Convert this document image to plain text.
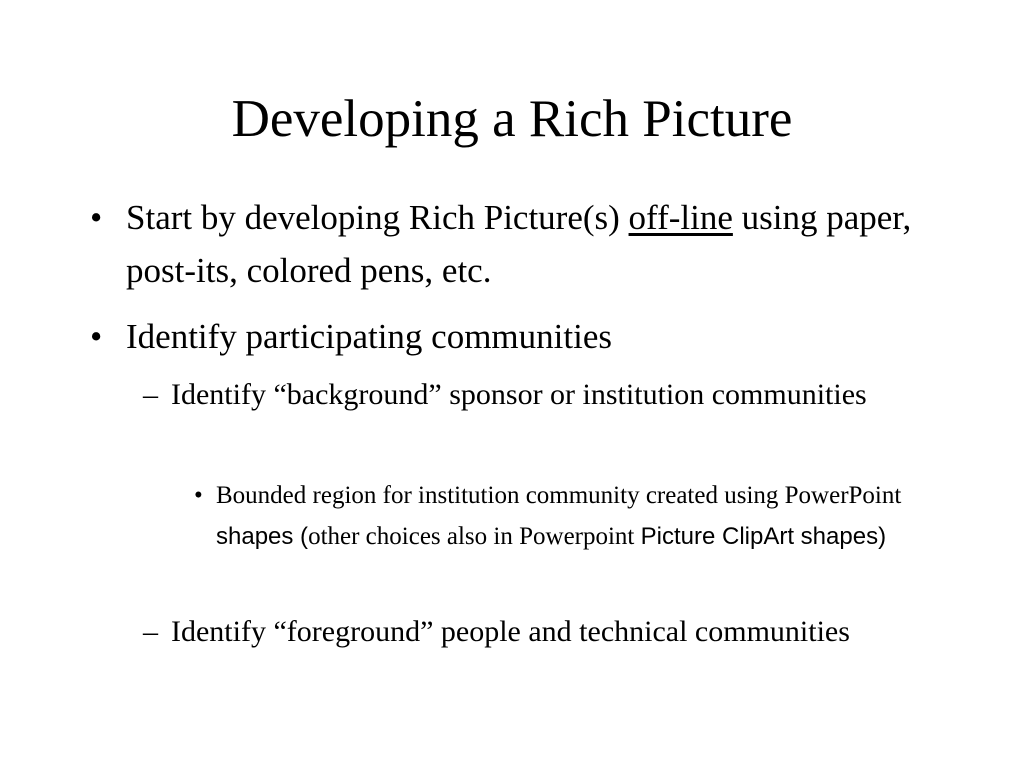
Developing a Rich Picture
• Start by developing Rich Picture(s) off-line using paper, post-its, colored pens, etc.
• Identify participating communities
– Identify “background” sponsor or institution communities
• Bounded region for institution community created using PowerPoint shapes (other choices also in Powerpoint Picture ClipArt shapes)
– Identify “foreground” people and technical communities
